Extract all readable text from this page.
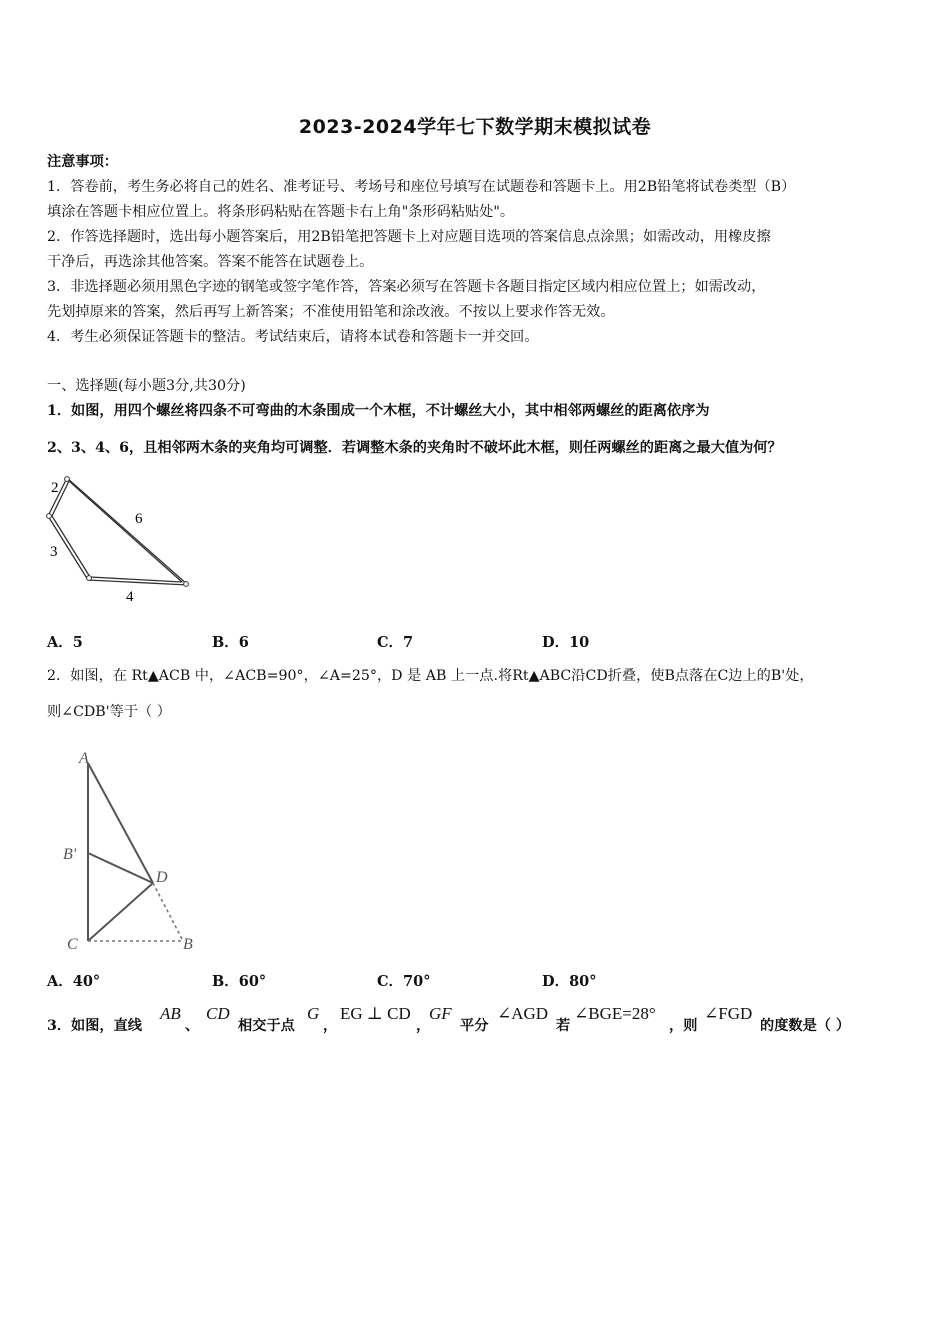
2023-2024学年七下数学期末模拟试卷
注意事项：
1．答卷前，考生务必将自己的姓名、准考证号、考场号和座位号填写在试题卷和答题卡上。用2B铅笔将试卷类型（B）
填涂在答题卡相应位置上。将条形码粘贴在答题卡右上角"条形码粘贴处"。
2．作答选择题时，选出每小题答案后，用2B铅笔把答题卡上对应题目选项的答案信息点涂黑；如需改动，用橡皮擦
干净后，再选涂其他答案。答案不能答在试题卷上。
3．非选择题必须用黑色字迹的钢笔或签字笔作答，答案必须写在答题卡各题目指定区域内相应位置上；如需改动，
先划掉原来的答案，然后再写上新答案；不准使用铅笔和涂改液。不按以上要求作答无效。
4．考生必须保证答题卡的整洁。考试结束后，请将本试卷和答题卡一并交回。
一、选择题(每小题3分,共30分)
1．如图，用四个螺丝将四条不可弯曲的木条围成一个木框，不计螺丝大小，其中相邻两螺丝的距离依序为
2、3、4、6，且相邻两木条的夹角均可调整．若调整木条的夹角时不破坏此木框，则任两螺丝的距离之最大值为何？
2
6
3
4
A．5	B．6	C．7	D．10
2．如图，在 Rt▲ACB 中，∠ACB=90°，∠A=25°，D 是 AB 上一点.将Rt▲ABC沿CD折叠，使B点落在C边上的B'处，
则∠CDB'等于（ ）
A
B'
D
C	B
A．40°	B．60°	C．70°	D．80°
3．如图，直线
AB
、
CD
相交于点
G
，
EG ⊥ CD
，
GF
平分
∠AGD
若
∠BGE=28°
，则
∠FGD
的度数是（ ）
